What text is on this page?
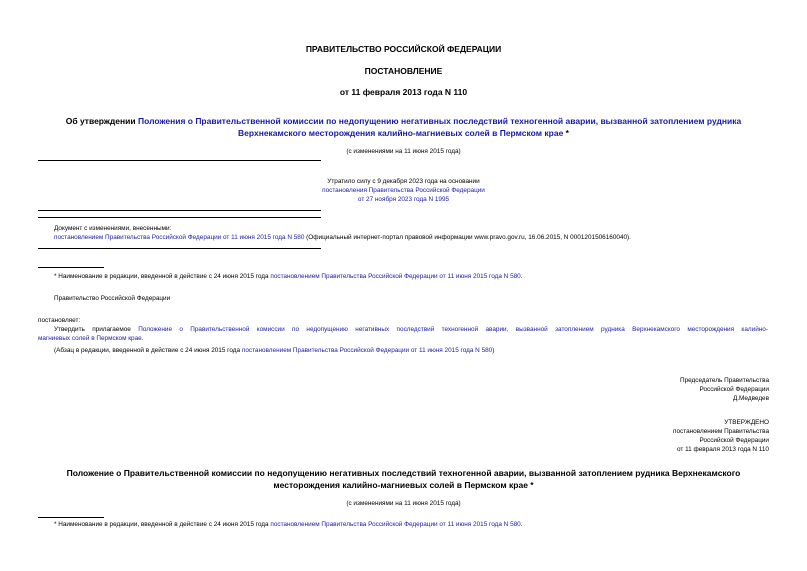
ПРАВИТЕЛЬСТВО РОССИЙСКОЙ ФЕДЕРАЦИИ
ПОСТАНОВЛЕНИЕ
от 11 февраля 2013 года N 110
Об утверждении Положения о Правительственной комиссии по недопущению негативных последствий техногенной аварии, вызванной затоплением рудника
Верхнекамского месторождения калийно-магниевых солей в Пермском крае *
(с изменениями на 11 июня 2015 года)
Утратило силу с 9 декабря 2023 года на основании
постановления Правительства Российской Федерации
от 27 ноября 2023 года N 1995
Документ с изменениями, внесенными:
постановлением Правительства Российской Федерации от 11 июня 2015 года N 580 (Официальный интернет-портал правовой информации www.pravo.gov.ru, 16.06.2015, N 0001201506160040).
* Наименование в редакции, введенной в действие с 24 июня 2015 года постановлением Правительства Российской Федерации от 11 июня 2015 года N 580.
Правительство Российской Федерации
постановляет:
Утвердить прилагаемое Положение о Правительственной комиссии по недопущению негативных последствий техногенной аварии, вызванной затоплением рудника Верхнекамского месторождения калийно-
магниевых солей в Пермском крае.
(Абзац в редакции, введенной в действие с 24 июня 2015 года постановлением Правительства Российской Федерации от 11 июня 2015 года N 580)
Председатель Правительства
Российской Федерации
Д.Медведев
УТВЕРЖДЕНО
постановлением Правительства
Российской Федерации
от 11 февраля 2013 года N 110
Положение о Правительственной комиссии по недопущению негативных последствий техногенной аварии, вызванной затоплением рудника Верхнекамского
месторождения калийно-магниевых солей в Пермском крае *
(с изменениями на 11 июня 2015 года)
* Наименование в редакции, введенной в действие с 24 июня 2015 года постановлением Правительства Российской Федерации от 11 июня 2015 года N 580.
